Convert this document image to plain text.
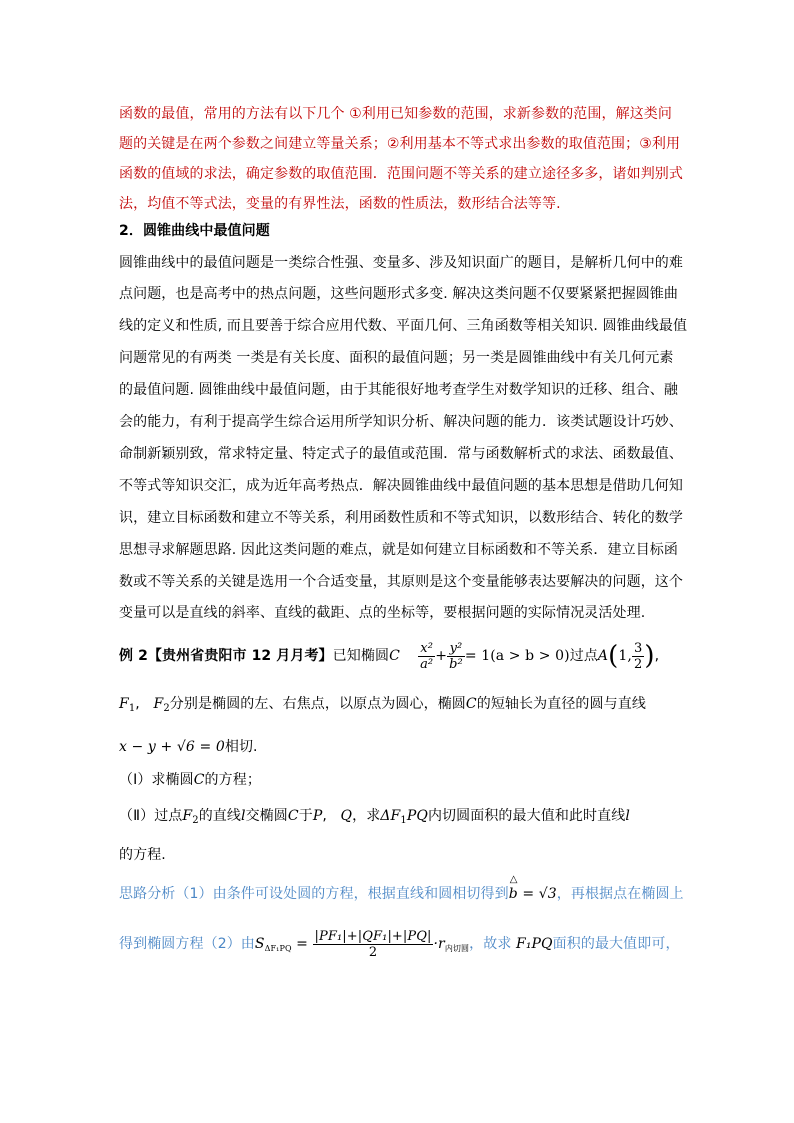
函数的最值，常用的方法有以下几个 ①利用已知参数的范围，求新参数的范围，解这类问
题的关键是在两个参数之间建立等量关系；②利用基本不等式求出参数的取值范围；③利用
函数的值域的求法，确定参数的取值范围．范围问题不等关系的建立途径多多，诸如判别式
法，均值不等式法，变量的有界性法，函数的性质法，数形结合法等等.
2．圆锥曲线中最值问题
圆锥曲线中的最值问题是一类综合性强、变量多、涉及知识面广的题目，是解析几何中的难
点问题，也是高考中的热点问题，这些问题形式多变. 解决这类问题不仅要紧紧把握圆锥曲
线的定义和性质, 而且要善于综合应用代数、平面几何、三角函数等相关知识. 圆锥曲线最值
问题常见的有两类 一类是有关长度、面积的最值问题；另一类是圆锥曲线中有关几何元素
的最值问题. 圆锥曲线中最值问题，由于其能很好地考查学生对数学知识的迁移、组合、融
会的能力，有利于提高学生综合运用所学知识分析、解决问题的能力．该类试题设计巧妙、
命制新颖别致，常求特定量、特定式子的最值或范围．常与函数解析式的求法、函数最值、
不等式等知识交汇，成为近年高考热点．解决圆锥曲线中最值问题的基本思想是借助几何知
识，建立目标函数和建立不等关系，利用函数性质和不等式知识，以数形结合、转化的数学
思想寻求解题思路. 因此这类问题的难点，就是如何建立目标函数和不等关系．建立目标函
数或不等关系的关键是选用一个合适变量，其原则是这个变量能够表达要解决的问题，这个
变量可以是直线的斜率、直线的截距、点的坐标等，要根据问题的实际情况灵活处理.
例 2【贵州省贵阳市 12 月月考】已知椭圆C $\frac{\text{x²}}{\text{a²}} + \frac{\text{y²}}{\text{b²}} = 1(a > b > 0)$过点A(1, $\frac{3}{2}$ ),
$F_1$,   $F_2$分别是椭圆的左、右焦点，以原点为圆心，椭圆C的短轴长为直径的圆与直线
x − y + √6 = 0相切.
（Ⅰ）求椭圆C的方程；
（Ⅱ）过点$F_2$的直线l交椭圆C于P,   Q，求$\Delta F_1PQ$内切圆面积的最大值和此时直线l
的方程.
思路分析（1）由条件可设处圆的方程，根据直线和圆相切得到
△
b = √3，再根据点在椭圆上
得到椭圆方程（2）由$S_{\Delta F_1PQ} = \frac{\text{|PF₁|+|QF₁|+|PQ|}}{2} \cdot r_{内切圆}$，故求 F₁PQ面积的最大值即可，
